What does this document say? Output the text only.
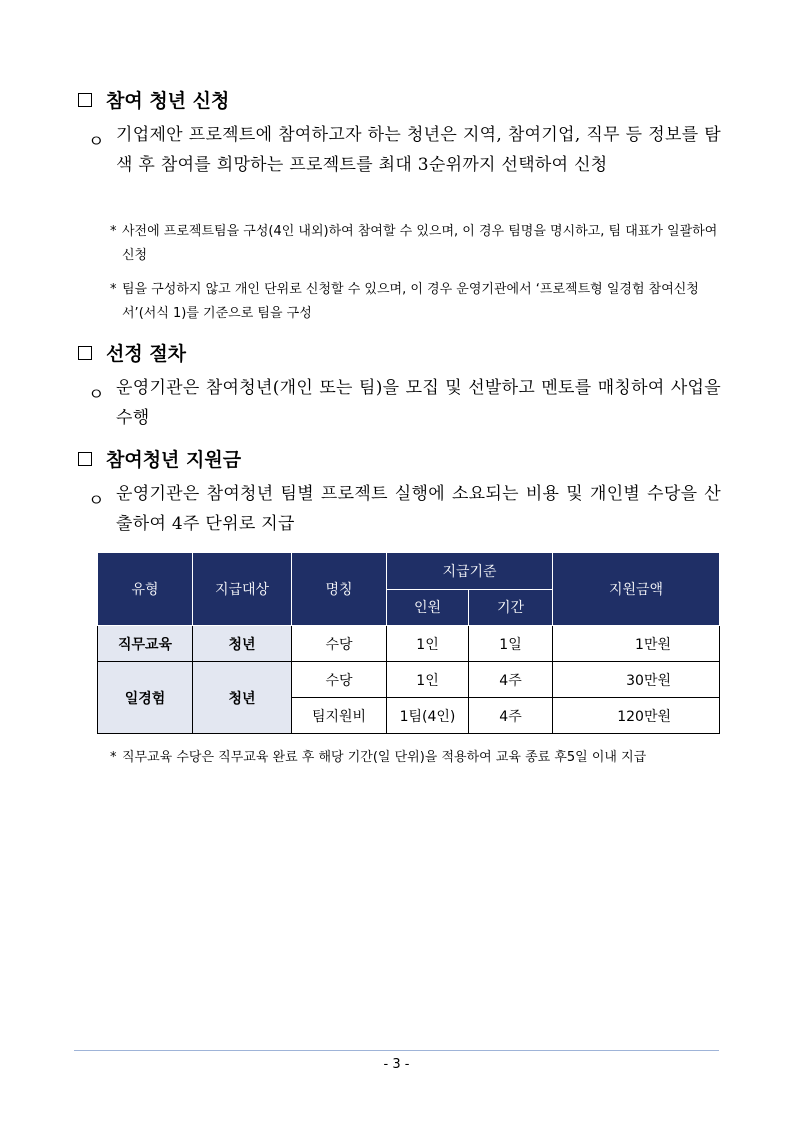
참여 청년 신청
ㅇ 기업제안 프로젝트에 참여하고자 하는 청년은 지역, 참여기업, 직무 등 정보를 탐색 후 참여를 희망하는 프로젝트를 최대 3순위까지 선택하여 신청
* 사전에 프로젝트팀을 구성(4인 내외)하여 참여할 수 있으며, 이 경우 팀명을 명시하고, 팀 대표가 일괄하여 신청
* 팀을 구성하지 않고 개인 단위로 신청할 수 있으며, 이 경우 운영기관에서 ‘프로젝트형 일경험 참여신청서’(서식 1)를 기준으로 팀을 구성
선정 절차
ㅇ 운영기관은 참여청년(개인 또는 팀)을 모집 및 선발하고 멘토를 매칭하여 사업을 수행
참여청년 지원금
ㅇ 운영기관은 참여청년 팀별 프로젝트 실행에 소요되는 비용 및 개인별 수당을 산출하여 4주 단위로 지급
유형	지급대상	명칭	지급기준		지원금액
			인원	기간	
직무교육	청년	수당	1인	1일	1만원
일경험	청년	수당	1인	4주	30만원
		팀지원비	1팀(4인)	4주	120만원
* 직무교육 수당은 직무교육 완료 후 해당 기간(일 단위)을 적용하여 교육 종료 후5일 이내 지급
- 3 -
